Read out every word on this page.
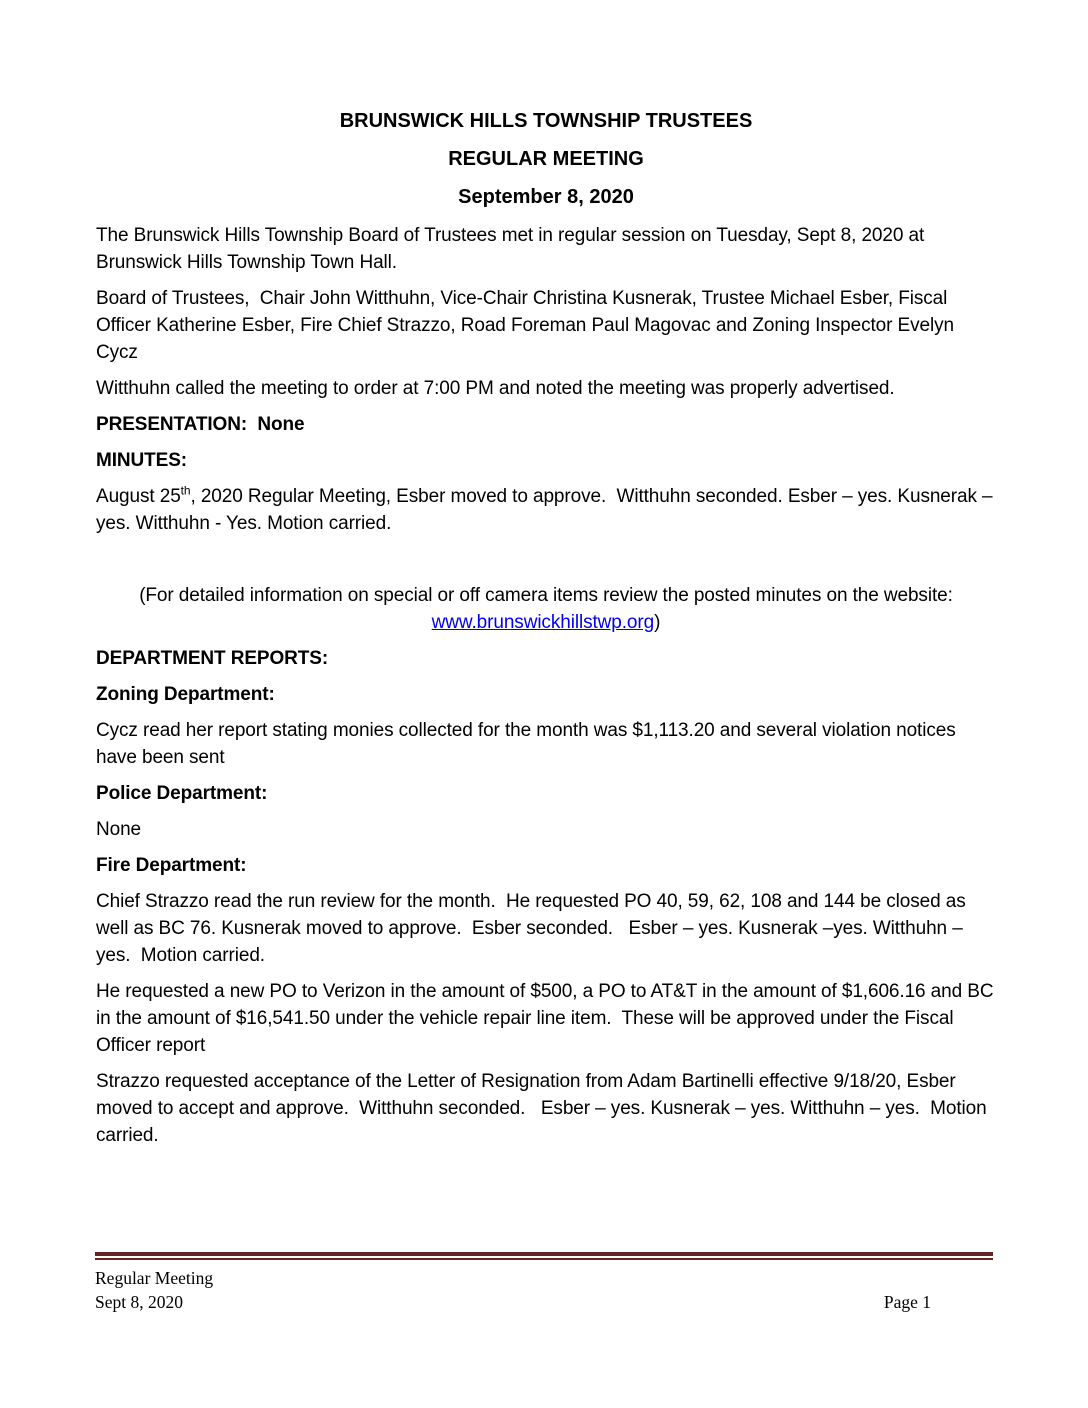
BRUNSWICK HILLS TOWNSHIP TRUSTEES
REGULAR MEETING
September 8, 2020

The Brunswick Hills Township Board of Trustees met in regular session on Tuesday, Sept 8, 2020 at Brunswick Hills Township Town Hall.

Board of Trustees,  Chair John Witthuhn, Vice-Chair Christina Kusnerak, Trustee Michael Esber, Fiscal Officer Katherine Esber, Fire Chief Strazzo, Road Foreman Paul Magovac and Zoning Inspector Evelyn Cycz

Witthuhn called the meeting to order at 7:00 PM and noted the meeting was properly advertised.

PRESENTATION:  None

MINUTES:

August 25th, 2020 Regular Meeting, Esber moved to approve.  Witthuhn seconded. Esber – yes. Kusnerak – yes. Witthuhn - Yes. Motion carried.

(For detailed information on special or off camera items review the posted minutes on the website: www.brunswickhillstwp.org)

DEPARTMENT REPORTS:

Zoning Department:

Cycz read her report stating monies collected for the month was $1,113.20 and several violation notices have been sent

Police Department:

None

Fire Department:

Chief Strazzo read the run review for the month.  He requested PO 40, 59, 62, 108 and 144 be closed as well as BC 76. Kusnerak moved to approve.  Esber seconded.   Esber – yes. Kusnerak –yes. Witthuhn – yes.  Motion carried.

He requested a new PO to Verizon in the amount of $500, a PO to AT&T in the amount of $1,606.16 and BC in the amount of $16,541.50 under the vehicle repair line item.  These will be approved under the Fiscal Officer report

Strazzo requested acceptance of the Letter of Resignation from Adam Bartinelli effective 9/18/20, Esber moved to accept and approve.  Witthuhn seconded.   Esber – yes. Kusnerak – yes. Witthuhn – yes.  Motion carried.

Regular Meeting
Sept 8, 2020	Page 1
